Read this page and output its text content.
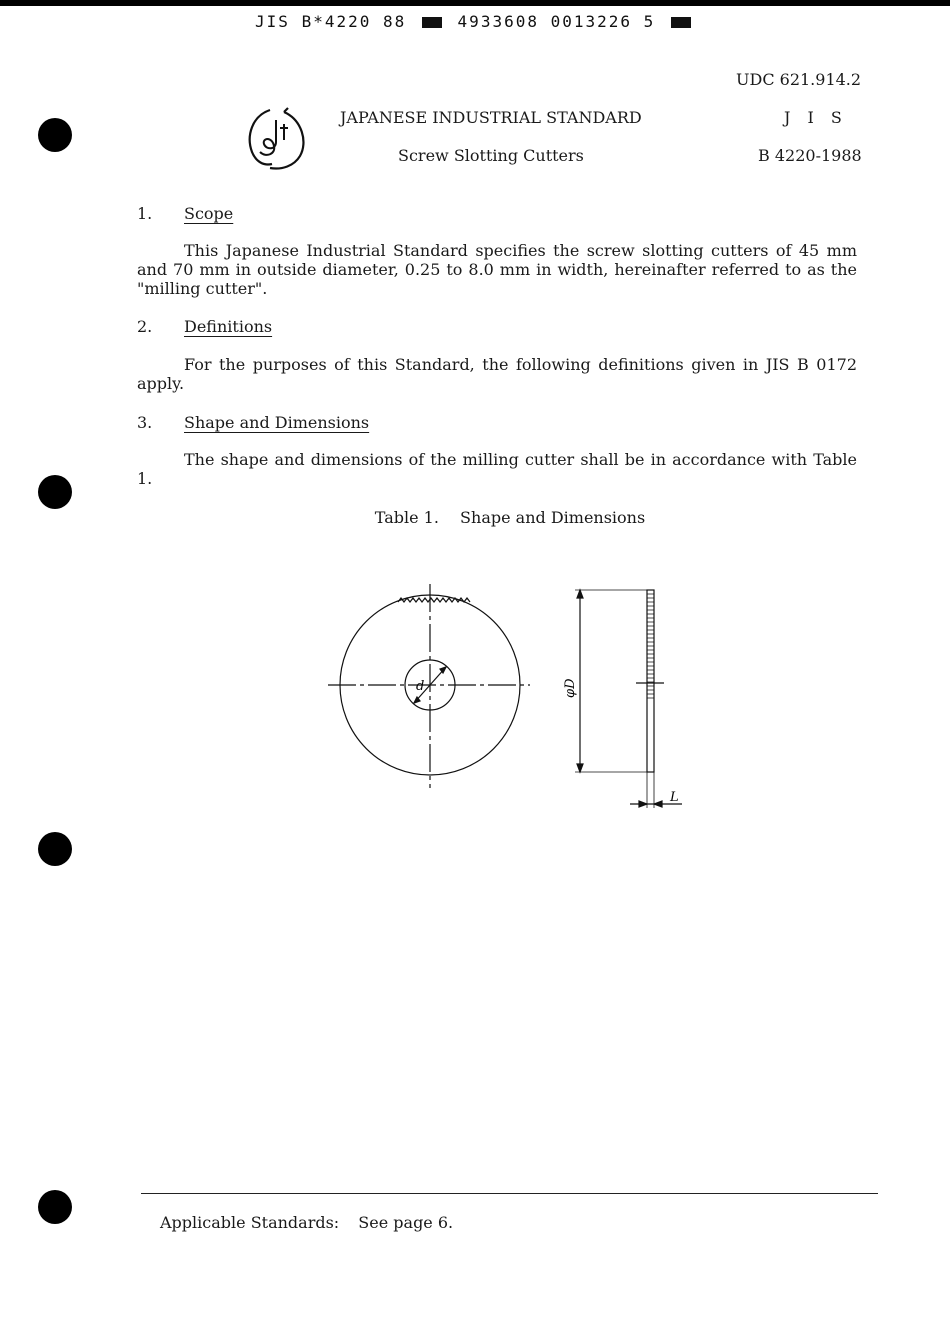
JIS B*4220 88	4933608 0013226 5
UDC 621.914.2
J I S
B 4220-1988
JAPANESE INDUSTRIAL STANDARD
Screw Slotting Cutters
1. Scope
This Japanese Industrial Standard specifies the screw slotting cutters of 45 mm and 70 mm in outside diameter, 0.25 to 8.0 mm in width, hereinafter referred to as the "milling cutter".
2. Definitions
For the purposes of this Standard, the following definitions given in JIS B 0172 apply.
3. Shape and Dimensions
The shape and dimensions of the milling cutter shall be in accordance with Table 1.
Table 1. Shape and Dimensions
d	φD
L
Applicable Standards: See page 6.
